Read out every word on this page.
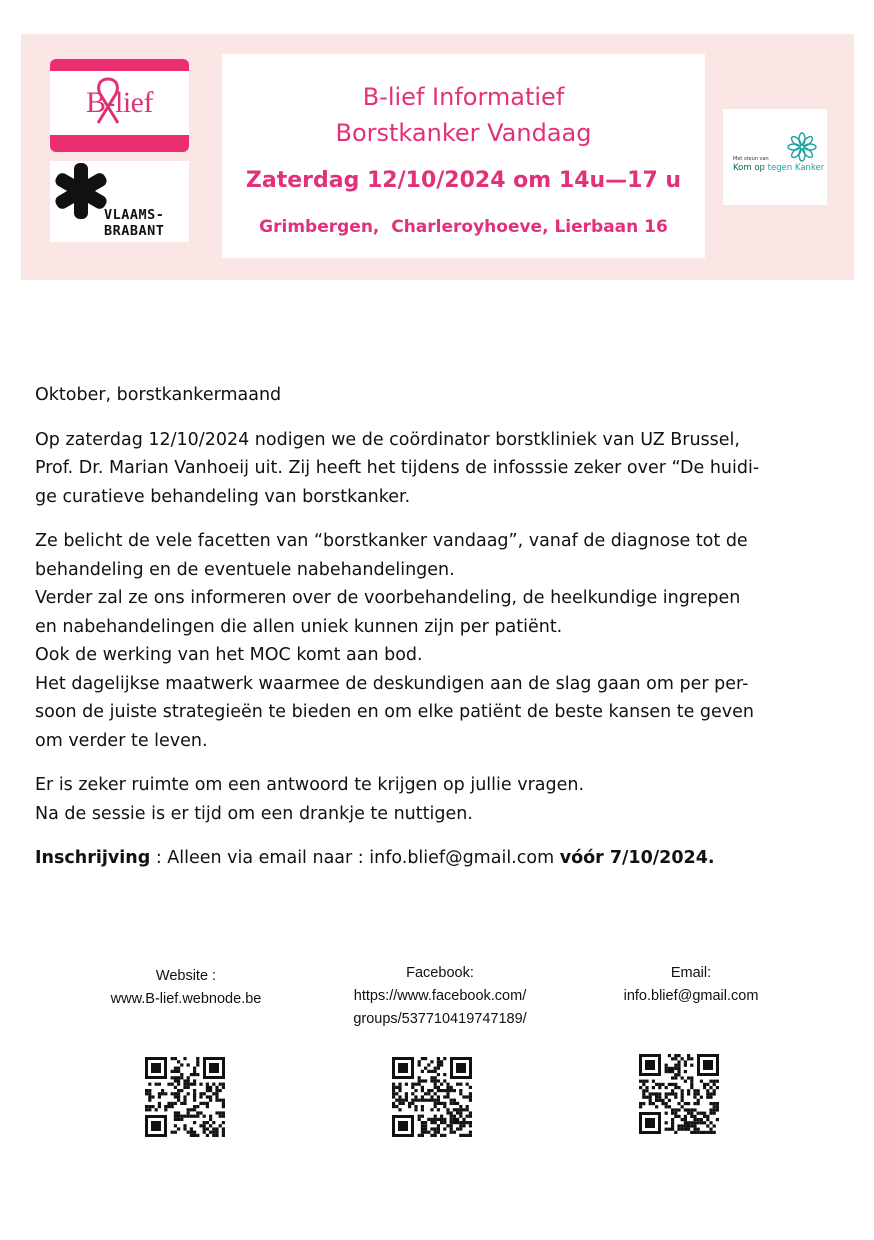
B-lief
VLAAMS-
BRABANT
B-lief Informatief
Borstkanker Vandaag
Zaterdag 12/10/2024 om 14u—17 u
Grimbergen,  Charleroyhoeve, Lierbaan 16
Met steun van
Kom op tegen Kanker

Oktober, borstkankermaand

Op zaterdag 12/10/2024 nodigen we de coördinator borstkliniek van UZ Brussel,
Prof. Dr. Marian Vanhoeij uit. Zij heeft het tijdens de infosssie zeker over “De huidi-
ge curatieve behandeling van borstkanker.

Ze belicht de vele facetten van “borstkanker vandaag”, vanaf de diagnose tot de
behandeling en de eventuele nabehandelingen.
Verder zal ze ons informeren over de voorbehandeling, de heelkundige ingrepen
en nabehandelingen die allen uniek kunnen zijn per patiënt.
Ook de werking van het MOC komt aan bod.
Het dagelijkse maatwerk waarmee de deskundigen aan de slag gaan om per per-
soon de juiste strategieën te bieden en om elke patiënt de beste kansen te geven
om verder te leven.

Er is zeker ruimte om een antwoord te krijgen op jullie vragen.
Na de sessie is er tijd om een drankje te nuttigen.

Inschrijving : Alleen via email naar : info.blief@gmail.com vóór 7/10/2024.

Website :
www.B-lief.webnode.be
Facebook:
https://www.facebook.com/
groups/537710419747189/
Email:
info.blief@gmail.com
